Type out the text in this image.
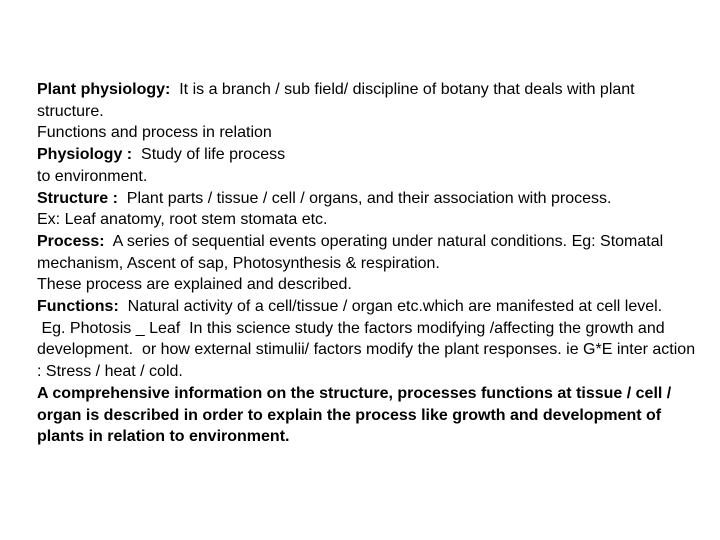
Plant physiology:  It is a branch / sub field/ discipline of botany that deals with plant structure.

Functions and process in relation

Physiology :  Study of life process

to environment.

Structure :  Plant parts / tissue / cell / organs, and their association with process.

Ex: Leaf anatomy, root stem stomata etc.

Process:  A series of sequential events operating under natural conditions. Eg: Stomatal mechanism, Ascent of sap, Photosynthesis & respiration.

These process are explained and described.

Functions:  Natural activity of a cell/tissue / organ etc.which are manifested at cell level.

Eg. Photosis _ Leaf  In this science study the factors modifying /affecting the growth and development.  or how external stimulii/ factors modify the plant responses. ie G*E inter action : Stress / heat / cold.

A comprehensive information on the structure, processes functions at tissue / cell / organ is described in order to explain the process like growth and development of plants in relation to environment.
